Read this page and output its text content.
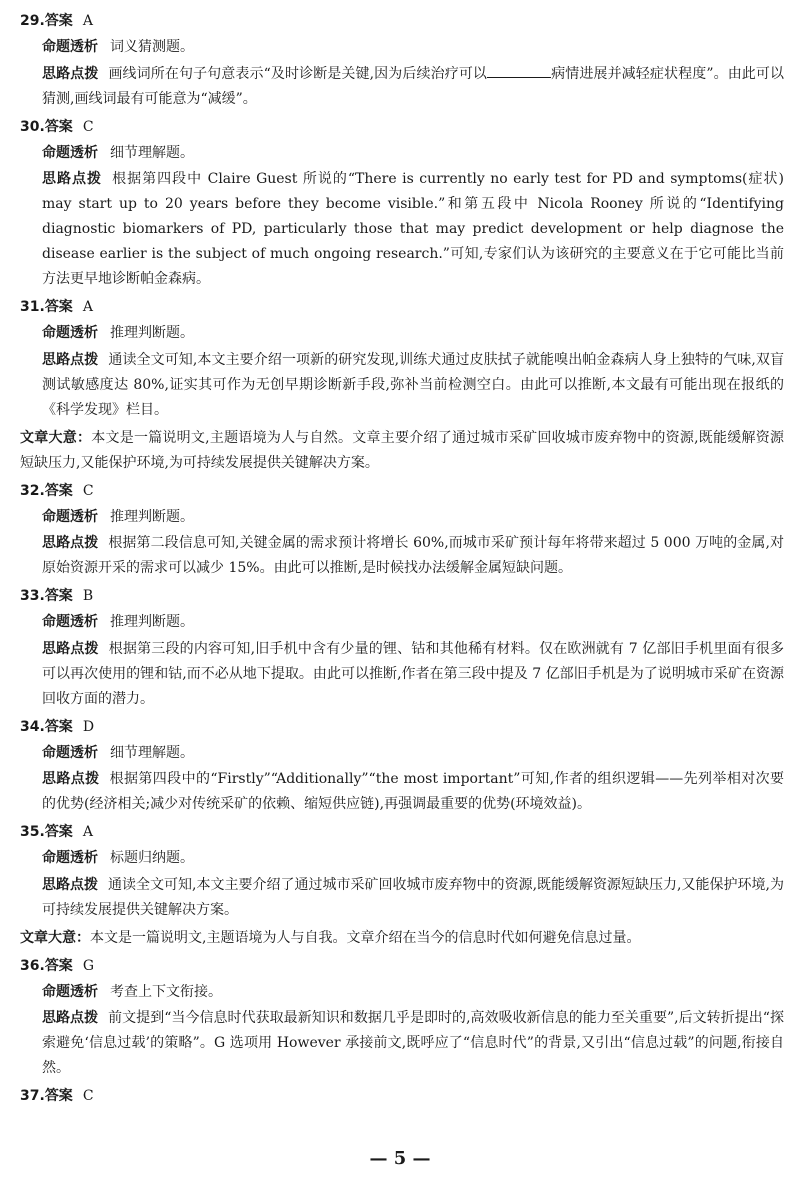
29.答案 A
命题透析 词义猜测题。
思路点拨 画线词所在句子句意表示“及时诊断是关键,因为后续治疗可以	病情进展并减轻症状程度”。由此可以猜测,画线词最有可能意为“减缓”。
30.答案 C
命题透析 细节理解题。
思路点拨 根据第四段中 Claire Guest 所说的“There is currently no early test for PD and symptoms(症状) may start up to 20 years before they become visible.”和第五段中 Nicola Rooney 所说的“Identifying diagnostic biomarkers of PD, particularly those that may predict development or help diagnose the disease earlier is the subject of much ongoing research.”可知,专家们认为该研究的主要意义在于它可能比当前方法更早地诊断帕金森病。
31.答案 A
命题透析 推理判断题。
思路点拨 通读全文可知,本文主要介绍一项新的研究发现,训练犬通过皮肤拭子就能嗅出帕金森病人身上独特的气味,双盲测试敏感度达 80%,证实其可作为无创早期诊断新手段,弥补当前检测空白。由此可以推断,本文最有可能出现在报纸的《科学发现》栏目。
文章大意：本文是一篇说明文,主题语境为人与自然。文章主要介绍了通过城市采矿回收城市废弃物中的资源,既能缓解资源短缺压力,又能保护环境,为可持续发展提供关键解决方案。
32.答案 C
命题透析 推理判断题。
思路点拨 根据第二段信息可知,关键金属的需求预计将增长 60%,而城市采矿预计每年将带来超过 5 000 万吨的金属,对原始资源开采的需求可以减少 15%。由此可以推断,是时候找办法缓解金属短缺问题。
33.答案 B
命题透析 推理判断题。
思路点拨 根据第三段的内容可知,旧手机中含有少量的锂、钴和其他稀有材料。仅在欧洲就有 7 亿部旧手机里面有很多可以再次使用的锂和钴,而不必从地下提取。由此可以推断,作者在第三段中提及 7 亿部旧手机是为了说明城市采矿在资源回收方面的潜力。
34.答案 D
命题透析 细节理解题。
思路点拨 根据第四段中的“Firstly”“Additionally”“the most important”可知,作者的组织逻辑——先列举相对次要的优势(经济相关;减少对传统采矿的依赖、缩短供应链),再强调最重要的优势(环境效益)。
35.答案 A
命题透析 标题归纳题。
思路点拨 通读全文可知,本文主要介绍了通过城市采矿回收城市废弃物中的资源,既能缓解资源短缺压力,又能保护环境,为可持续发展提供关键解决方案。
文章大意：本文是一篇说明文,主题语境为人与自我。文章介绍在当今的信息时代如何避免信息过量。
36.答案 G
命题透析 考查上下文衔接。
思路点拨 前文提到“当今信息时代获取最新知识和数据几乎是即时的,高效吸收新信息的能力至关重要”,后文转折提出“探索避免‘信息过载’的策略”。G 选项用 However 承接前文,既呼应了“信息时代”的背景,又引出“信息过载”的问题,衔接自然。
37.答案 C
— 5 —
